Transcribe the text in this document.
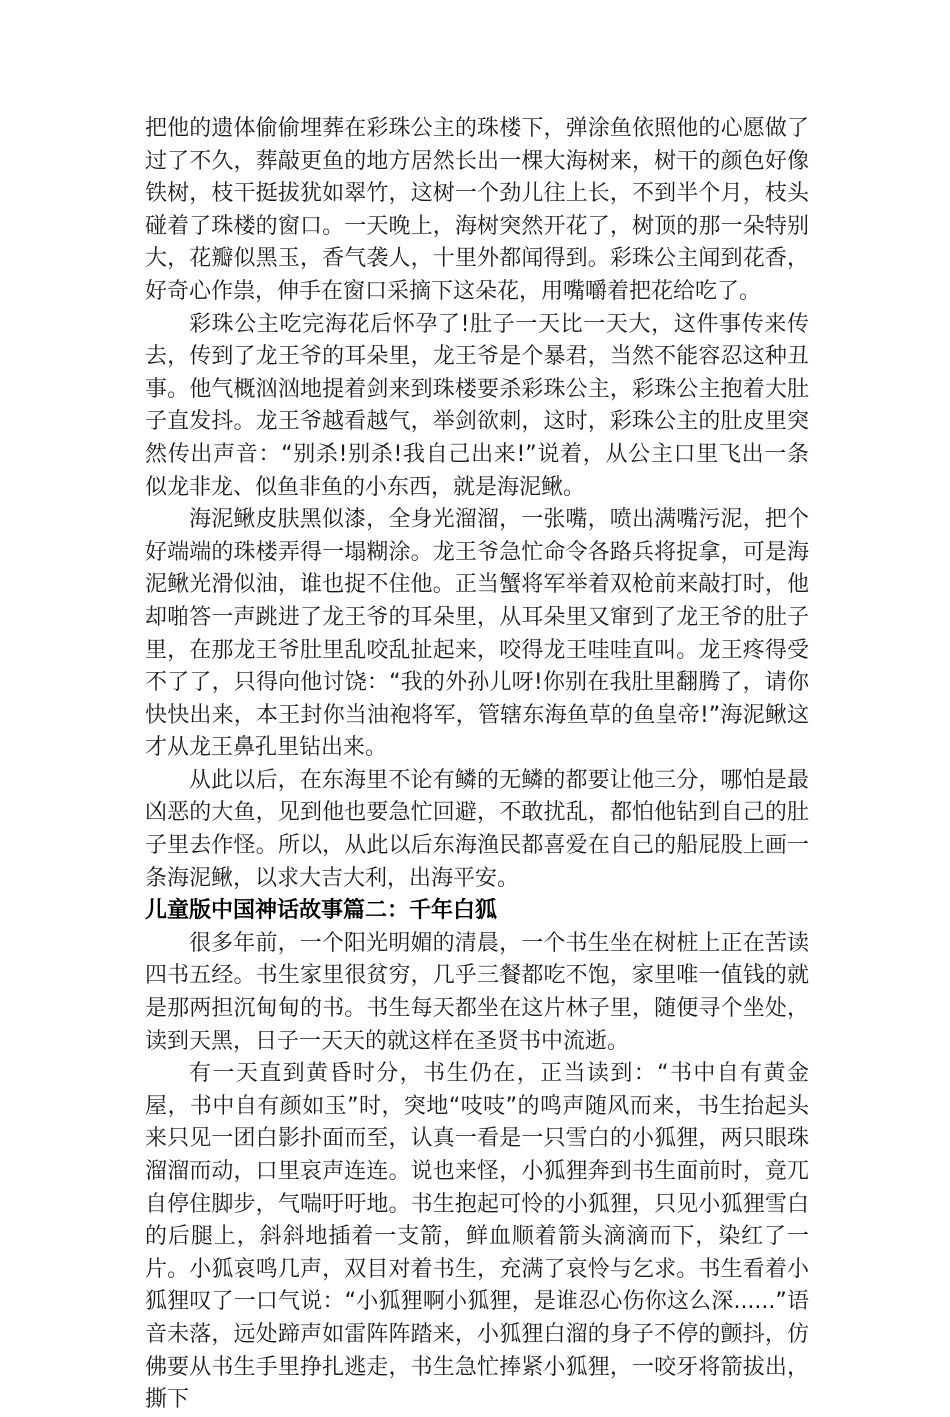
把他的遗体偷偷埋葬在彩珠公主的珠楼下，弹涂鱼依照他的心愿做了过了不久，葬敲更鱼的地方居然长出一棵大海树来，树干的颜色好像铁树，枝干挺拔犹如翠竹，这树一个劲儿往上长，不到半个月，枝头碰着了珠楼的窗口。一天晚上，海树突然开花了，树顶的那一朵特别大，花瓣似黑玉，香气袭人，十里外都闻得到。彩珠公主闻到花香，好奇心作祟，伸手在窗口采摘下这朵花，用嘴嚼着把花给吃了。

彩珠公主吃完海花后怀孕了!肚子一天比一天大，这件事传来传去，传到了龙王爷的耳朵里，龙王爷是个暴君，当然不能容忍这种丑事。他气概汹汹地提着剑来到珠楼要杀彩珠公主，彩珠公主抱着大肚子直发抖。龙王爷越看越气，举剑欲刺，这时，彩珠公主的肚皮里突然传出声音：“别杀!别杀!我自己出来!”说着，从公主口里飞出一条似龙非龙、似鱼非鱼的小东西，就是海泥鳅。

海泥鳅皮肤黑似漆，全身光溜溜，一张嘴，喷出满嘴污泥，把个好端端的珠楼弄得一塌糊涂。龙王爷急忙命令各路兵将捉拿，可是海泥鳅光滑似油，谁也捉不住他。正当蟹将军举着双枪前来敲打时，他却啪答一声跳进了龙王爷的耳朵里，从耳朵里又窜到了龙王爷的肚子里，在那龙王爷肚里乱咬乱扯起来，咬得龙王哇哇直叫。龙王疼得受不了了，只得向他讨饶：“我的外孙儿呀!你别在我肚里翻腾了，请你快快出来，本王封你当油袍将军，管辖东海鱼草的鱼皇帝!”海泥鳅这才从龙王鼻孔里钻出来。

从此以后，在东海里不论有鳞的无鳞的都要让他三分，哪怕是最凶恶的大鱼，见到他也要急忙回避，不敢扰乱，都怕他钻到自己的肚子里去作怪。所以，从此以后东海渔民都喜爱在自己的船屁股上画一条海泥鳅，以求大吉大利，出海平安。

儿童版中国神话故事篇二：千年白狐

很多年前，一个阳光明媚的清晨，一个书生坐在树桩上正在苦读四书五经。书生家里很贫穷，几乎三餐都吃不饱，家里唯一值钱的就是那两担沉甸甸的书。书生每天都坐在这片林子里，随便寻个坐处，读到天黑，日子一天天的就这样在圣贤书中流逝。

有一天直到黄昏时分，书生仍在，正当读到：“书中自有黄金屋，书中自有颜如玉”时，突地“吱吱”的鸣声随风而来，书生抬起头来只见一团白影扑面而至，认真一看是一只雪白的小狐狸，两只眼珠溜溜而动，口里哀声连连。说也来怪，小狐狸奔到书生面前时，竟兀自停住脚步，气喘吁吁地。书生抱起可怜的小狐狸，只见小狐狸雪白的后腿上，斜斜地插着一支箭，鲜血顺着箭头滴滴而下，染红了一片。小狐哀鸣几声，双目对着书生，充满了哀怜与乞求。书生看着小狐狸叹了一口气说：“小狐狸啊小狐狸，是谁忍心伤你这么深......”语音未落，远处蹄声如雷阵阵踏来，小狐狸白溜的身子不停的颤抖，仿佛要从书生手里挣扎逃走，书生急忙捧紧小狐狸，一咬牙将箭拔出，撕下
